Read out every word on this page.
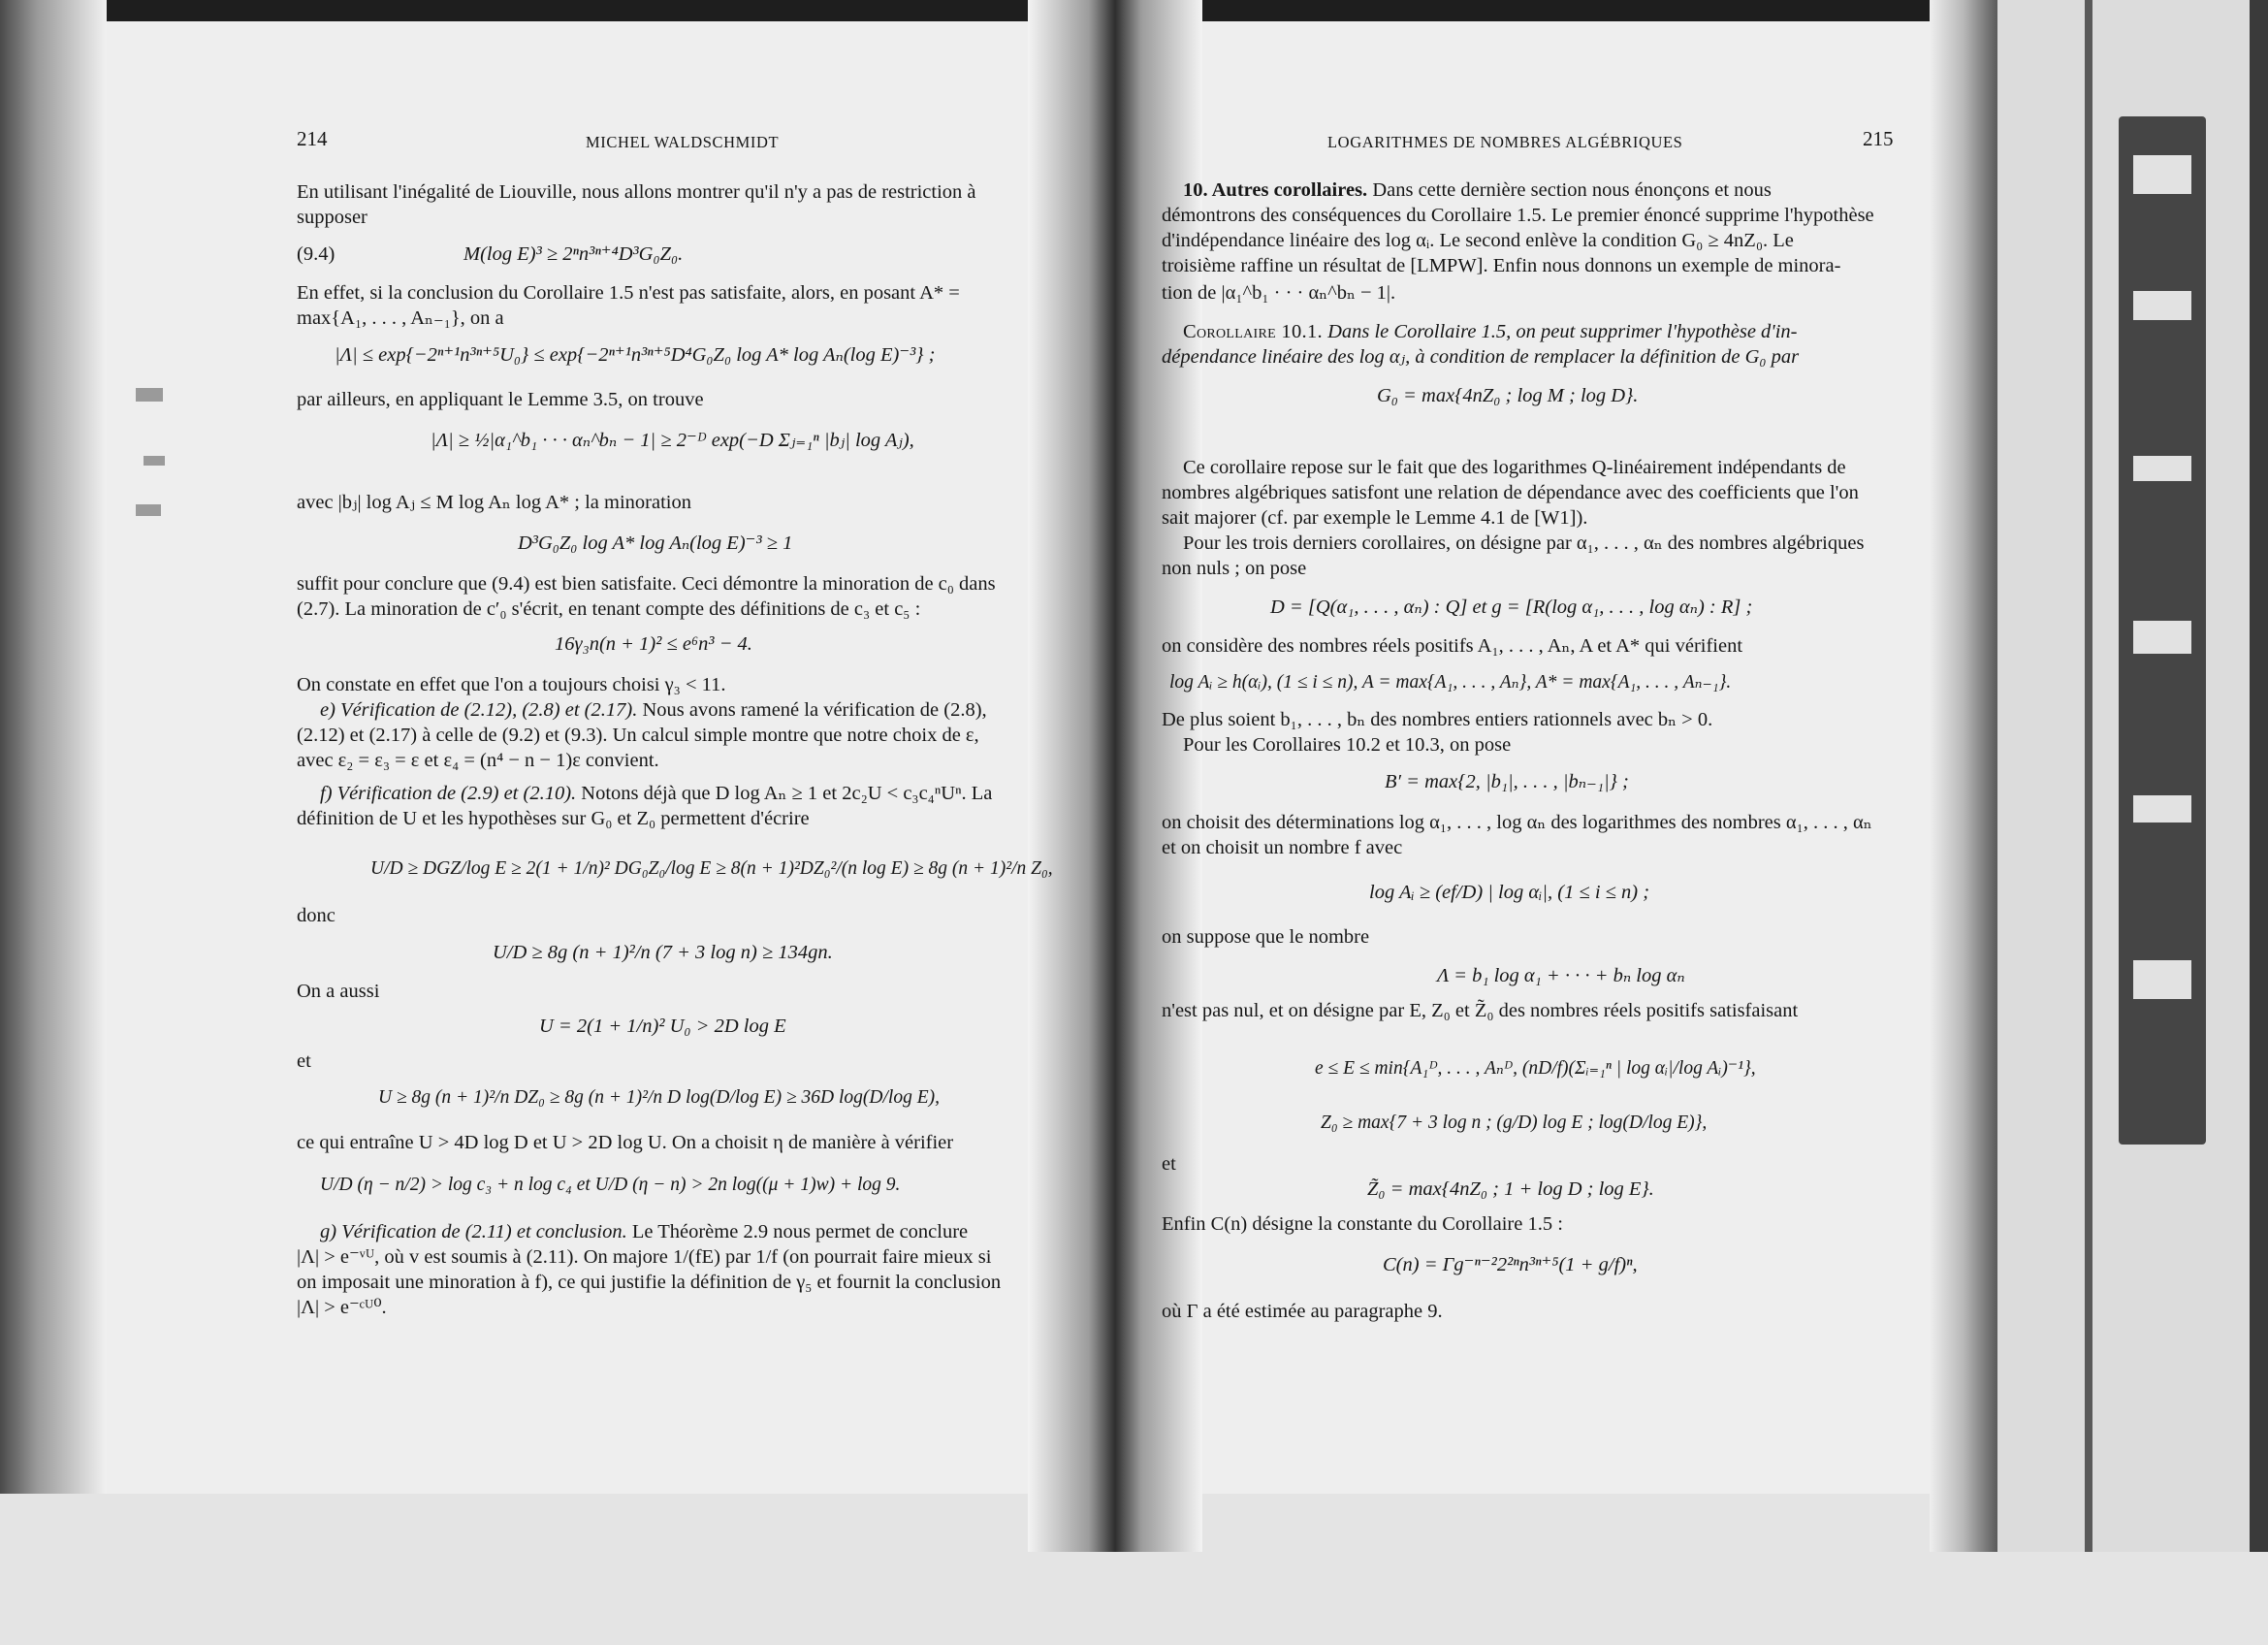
214	MICHEL WALDSCHMIDT
En utilisant l'inégalité de Liouville, nous allons montrer qu'il n'y a pas de restriction à
supposer
(9.4)	M(log E)³ ≥ 2ⁿn³ⁿ⁺⁴D³G₀Z₀.
En effet, si la conclusion du Corollaire 1.5 n'est pas satisfaite, alors, en posant A* =
max{A₁, . . . , Aₙ₋₁}, on a
|Λ| ≤ exp{−2ⁿ⁺¹n³ⁿ⁺⁵U₀} ≤ exp{−2ⁿ⁺¹n³ⁿ⁺⁵D⁴G₀Z₀ log A* log Aₙ(log E)⁻³} ;
par ailleurs, en appliquant le Lemme 3.5, on trouve
|Λ| ≥ ½|α₁^b₁ · · · αₙ^bₙ − 1| ≥ 2⁻ᴰ exp(−D Σⱼ₌₁ⁿ |bⱼ| log Aⱼ),
avec |bⱼ| log Aⱼ ≤ M log Aₙ log A* ; la minoration
D³G₀Z₀ log A* log Aₙ(log E)⁻³ ≥ 1
suffit pour conclure que (9.4) est bien satisfaite. Ceci démontre la minoration de c₀ dans
(2.7). La minoration de c′₀ s'écrit, en tenant compte des définitions de c₃ et c₅ :
16γ₃n(n + 1)² ≤ e⁶n³ − 4.
On constate en effet que l'on a toujours choisi γ₃ < 11.
e) Vérification de (2.12), (2.8) et (2.17). Nous avons ramené la vérification de (2.8),
(2.12) et (2.17) à celle de (9.2) et (9.3). Un calcul simple montre que notre choix de ε,
avec ε₂ = ε₃ = ε et ε₄ = (n⁴ − n − 1)ε convient.
f) Vérification de (2.9) et (2.10). Notons déjà que D log Aₙ ≥ 1 et 2c₂U < c₃c₄ⁿUⁿ. La
définition de U et les hypothèses sur G₀ et Z₀ permettent d'écrire
U/D ≥ DGZ/log E ≥ 2(1 + 1/n)² DG₀Z₀/log E ≥ 8(n + 1)²DZ₀²/(n log E) ≥ 8g (n + 1)²/n Z₀,
donc
U/D ≥ 8g (n + 1)²/n (7 + 3 log n) ≥ 134gn.
On a aussi
U = 2(1 + 1/n)² U₀ > 2D log E
et
U ≥ 8g (n + 1)²/n DZ₀ ≥ 8g (n + 1)²/n D log(D/log E) ≥ 36D log(D/log E),
ce qui entraîne U > 4D log D et U > 2D log U. On a choisit η de manière à vérifier
U/D (η − n/2) > log c₃ + n log c₄ et U/D (η − n) > 2n log((μ + 1)w) + log 9.
g) Vérification de (2.11) et conclusion. Le Théorème 2.9 nous permet de conclure
|Λ| > e⁻ᵛᵁ, où v est soumis à (2.11). On majore 1/(fE) par 1/f (on pourrait faire mieux si
on imposait une minoration à f), ce qui justifie la définition de γ₅ et fournit la conclusion
|Λ| > e⁻ᶜᵁ⁰.
LOGARITHMES DE NOMBRES ALGÉBRIQUES	215
10. Autres corollaires. Dans cette dernière section nous énonçons et nous
démontrons des conséquences du Corollaire 1.5. Le premier énoncé supprime l'hypothèse
d'indépendance linéaire des log αᵢ. Le second enlève la condition G₀ ≥ 4nZ₀. Le
troisième raffine un résultat de [LMPW]. Enfin nous donnons un exemple de minora-
tion de |α₁^b₁ · · · αₙ^bₙ − 1|.
Corollaire 10.1. Dans le Corollaire 1.5, on peut supprimer l'hypothèse d'in-
dépendance linéaire des log αⱼ, à condition de remplacer la définition de G₀ par
G₀ = max{4nZ₀ ; log M ; log D}.
Ce corollaire repose sur le fait que des logarithmes Q-linéairement indépendants de
nombres algébriques satisfont une relation de dépendance avec des coefficients que l'on
sait majorer (cf. par exemple le Lemme 4.1 de [W1]).
Pour les trois derniers corollaires, on désigne par α₁, . . . , αₙ des nombres algébriques
non nuls ; on pose
D = [Q(α₁, . . . , αₙ) : Q] et g = [R(log α₁, . . . , log αₙ) : R] ;
on considère des nombres réels positifs A₁, . . . , Aₙ, A et A* qui vérifient
log Aᵢ ≥ h(αᵢ), (1 ≤ i ≤ n), A = max{A₁, . . . , Aₙ}, A* = max{A₁, . . . , Aₙ₋₁}.
De plus soient b₁, . . . , bₙ des nombres entiers rationnels avec bₙ > 0.
Pour les Corollaires 10.2 et 10.3, on pose
B′ = max{2, |b₁|, . . . , |bₙ₋₁|} ;
on choisit des déterminations log α₁, . . . , log αₙ des logarithmes des nombres α₁, . . . , αₙ
et on choisit un nombre f avec
log Aᵢ ≥ (ef/D) | log αᵢ|, (1 ≤ i ≤ n) ;
on suppose que le nombre
Λ = b₁ log α₁ + · · · + bₙ log αₙ
n'est pas nul, et on désigne par E, Z₀ et Z̃₀ des nombres réels positifs satisfaisant
e ≤ E ≤ min{A₁ᴰ, . . . , Aₙᴰ, (nD/f)(Σᵢ₌₁ⁿ | log αᵢ|/log Aᵢ)⁻¹},
Z₀ ≥ max{7 + 3 log n ; (g/D) log E ; log(D/log E)},
et
Z̃₀ = max{4nZ₀ ; 1 + log D ; log E}.
Enfin C(n) désigne la constante du Corollaire 1.5 :
C(n) = Γg⁻ⁿ⁻²2²ⁿn³ⁿ⁺⁵(1 + g/f)ⁿ,
où Γ a été estimée au paragraphe 9.
